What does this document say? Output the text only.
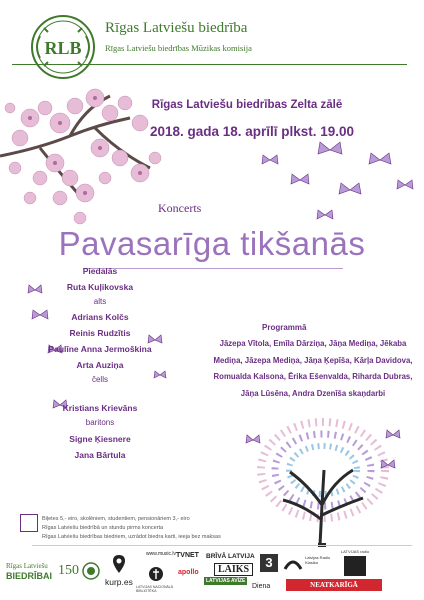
RLB
Rīgas Latviešu biedrība
Rīgas Latviešu biedrības Mūzikas komisija
Rīgas Latviešu biedrības Zelta zālē
2018. gada 18. aprīlī plkst. 19.00
Koncerts
Pavasarīga tikšanās
Piedalās
Ruta Kuļikovska
alts
Adrians Kolčs
Reinis Rudzītis
Paulīne Anna Jermoškina
Arta Auziņa
čells
Kristians Krievāns
baritons
Signe Ķiesnere
Jana Bārtula
Programmā
Jāzepa Vītola, Emīla Dārziņa, Jāņa Mediņa, Jēkaba Mediņa, Jāzepa Mediņa, Jāņa Ķepīša, Kārļa Davidova, Romualda Kalsona, Ērika Ešenvalda, Riharda Dubras, Jāņa Lūsēna, Andra Dzenīša skaņdarbi
Biļetes 5,- eiro, skolēniem, studentiem, pensionāriem 3,- eiro
Rīgas Latviešu biedrībā un stundu pirms koncerta
Rīgas Latviešu biedrības biedriem, uzrādot biedra karti, ieeja bez maksas
Rīgas Latviešu
BIEDRĪBAI 150
kurp.es
www.music.lv
LATVIJAS NACIONĀLĀ BIBLIOTĒKA
TVNET
apollo
BRĪVĀ LATVIJA
LAIKS
LATVIJAS AVĪZE
Diena
3	Latvijas Radio Klasika
LATVIJAS radio
NEATKARĪGĀ
